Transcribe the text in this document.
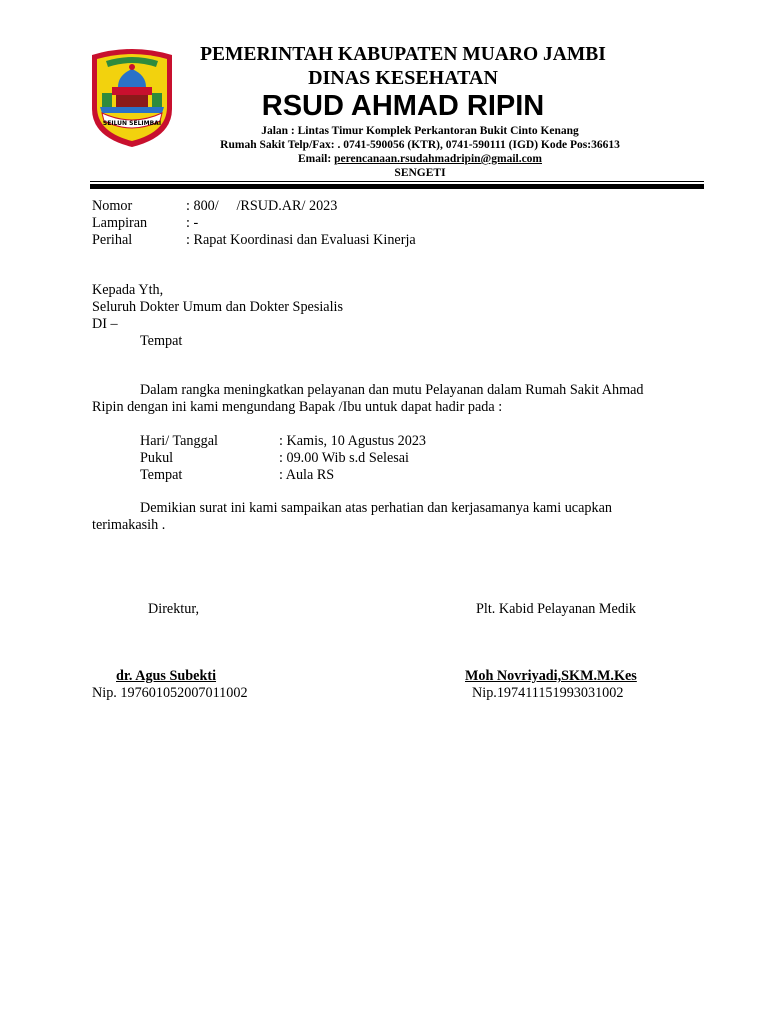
SEILUN SELIMBAI
PEMERINTAH KABUPATEN MUARO JAMBI
DINAS KESEHATAN
RSUD AHMAD RIPIN
Jalan : Lintas Timur Komplek Perkantoran Bukit Cinto Kenang
Rumah Sakit Telp/Fax: . 0741-590056 (KTR), 0741-590111 (IGD) Kode Pos:36613
Email: perencanaan.rsudahmadripin@gmail.com
SENGETI
Nomor	: 800/     /RSUD.AR/ 2023
Lampiran	: -
Perihal	: Rapat Koordinasi dan Evaluasi Kinerja
Kepada Yth,
Seluruh Dokter Umum dan Dokter Spesialis
DI –
Tempat
Dalam rangka meningkatkan pelayanan dan mutu Pelayanan dalam Rumah Sakit Ahmad
Ripin dengan ini kami mengundang Bapak /Ibu untuk dapat hadir pada :
Hari/ Tanggal	: Kamis, 10 Agustus 2023
Pukul	: 09.00 Wib s.d Selesai
Tempat	: Aula RS
Demikian surat ini kami sampaikan atas perhatian dan kerjasamanya kami ucapkan
terimakasih .
Direktur,	Plt. Kabid Pelayanan Medik
dr. Agus Subekti	Moh Novriyadi,SKM.M.Kes
Nip. 197601052007011002	Nip.197411151993031002
